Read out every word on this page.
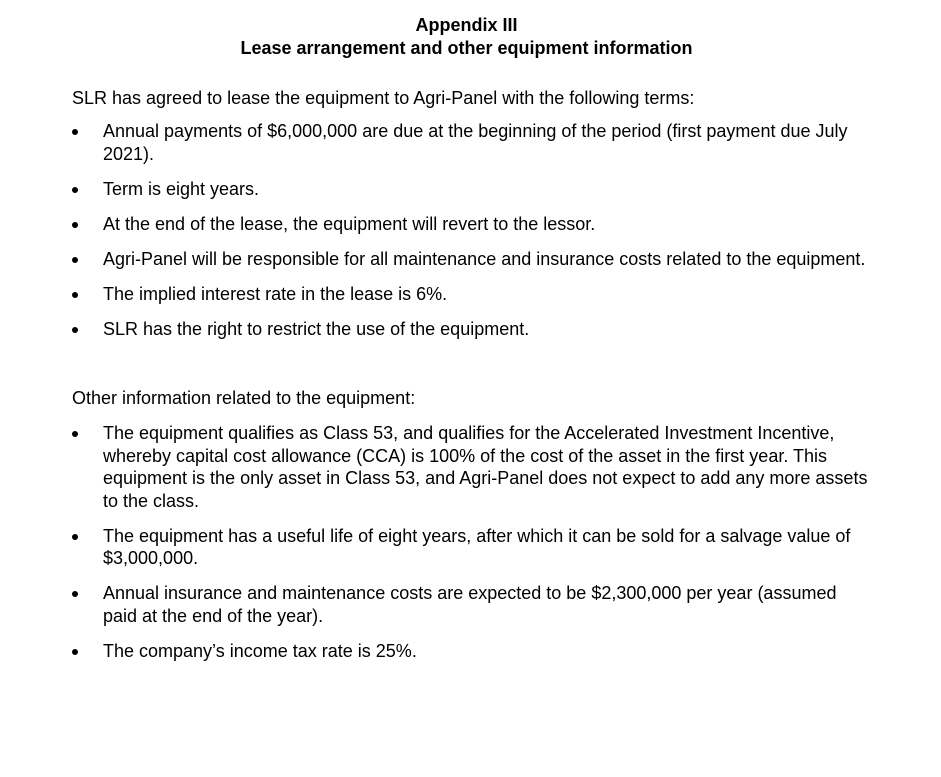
Appendix III
Lease arrangement and other equipment information

SLR has agreed to lease the equipment to Agri-Panel with the following terms:

Annual payments of $6,000,000 are due at the beginning of the period (first payment due July 2021).
Term is eight years.
At the end of the lease, the equipment will revert to the lessor.
Agri-Panel will be responsible for all maintenance and insurance costs related to the equipment.
The implied interest rate in the lease is 6%.
SLR has the right to restrict the use of the equipment.

Other information related to the equipment:

The equipment qualifies as Class 53, and qualifies for the Accelerated Investment Incentive, whereby capital cost allowance (CCA) is 100% of the cost of the asset in the first year. This equipment is the only asset in Class 53, and Agri-Panel does not expect to add any more assets to the class.
The equipment has a useful life of eight years, after which it can be sold for a salvage value of $3,000,000.
Annual insurance and maintenance costs are expected to be $2,300,000 per year (assumed paid at the end of the year).
The company’s income tax rate is 25%.
